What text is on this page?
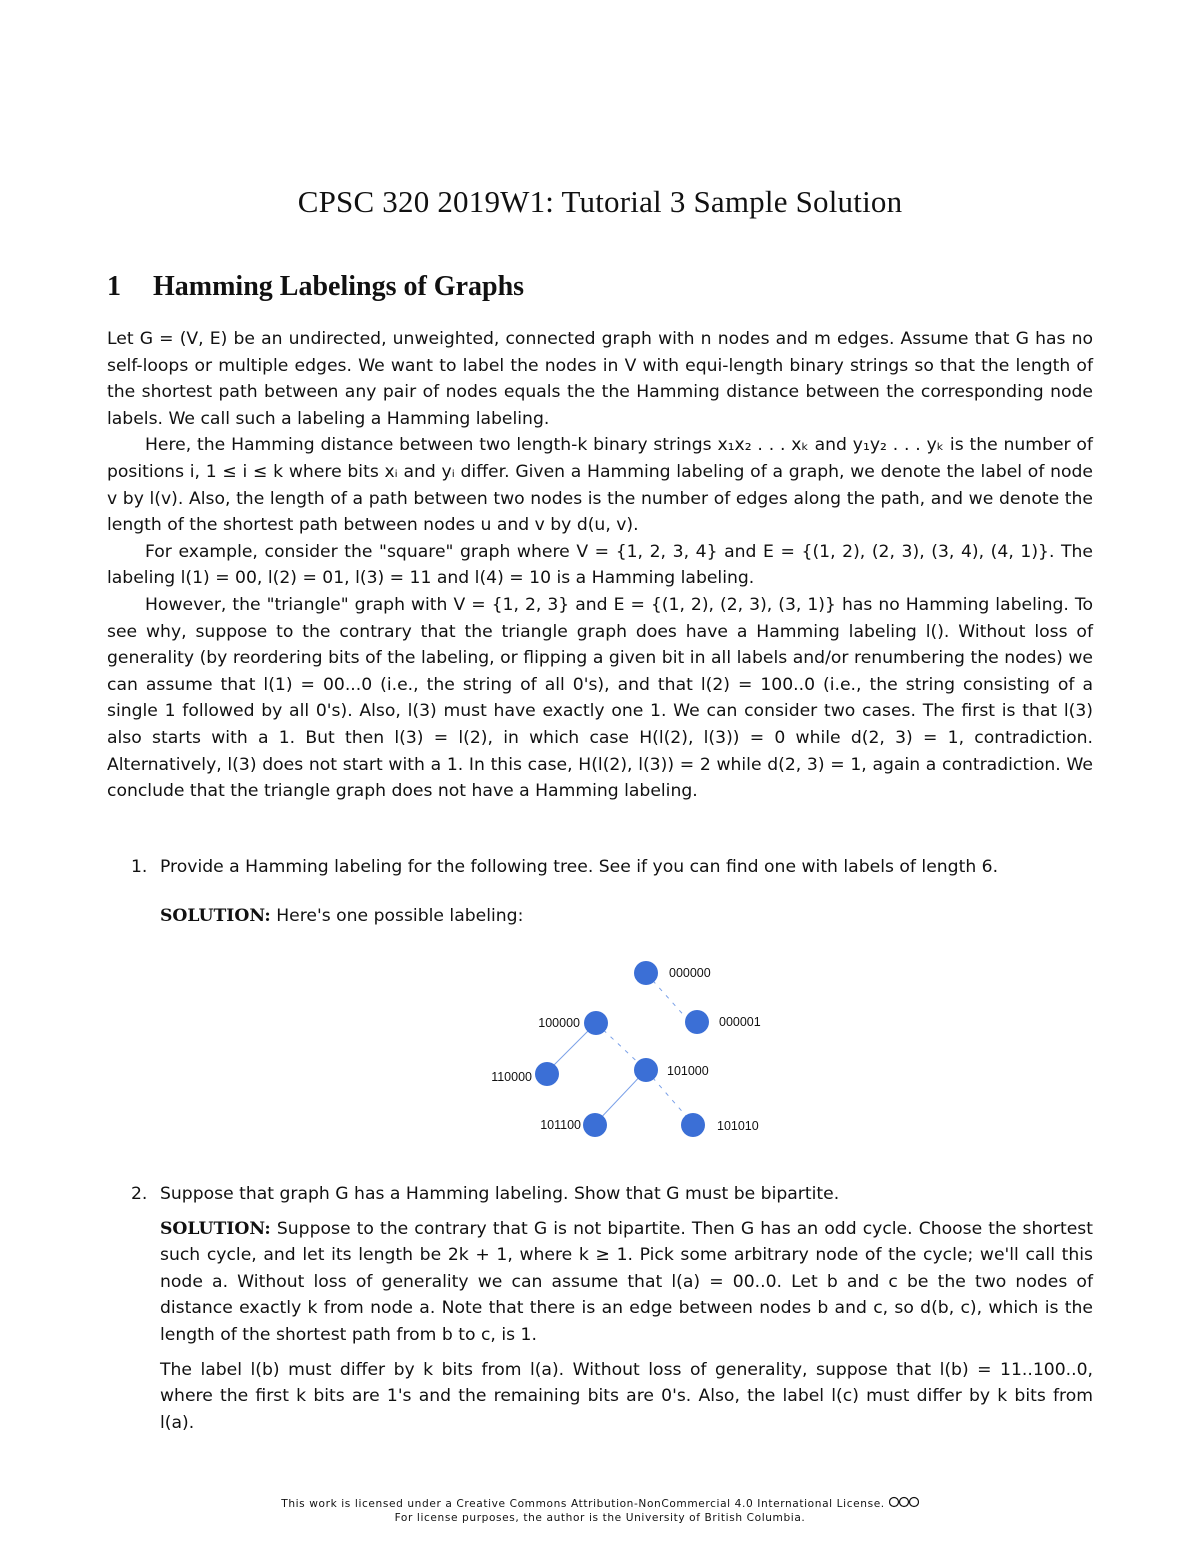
CPSC 320 2019W1: Tutorial 3 Sample Solution
1 Hamming Labelings of Graphs

Let G = (V, E) be an undirected, unweighted, connected graph with n nodes and m edges. Assume that G has no self-loops or multiple edges. We want to label the nodes in V with equi-length binary strings so that the length of the shortest path between any pair of nodes equals the the Hamming distance between the corresponding node labels. We call such a labeling a Hamming labeling.

Here, the Hamming distance between two length-k binary strings x₁x₂ . . . xₖ and y₁y₂ . . . yₖ is the number of positions i, 1 ≤ i ≤ k where bits xᵢ and yᵢ differ. Given a Hamming labeling of a graph, we denote the label of node v by l(v). Also, the length of a path between two nodes is the number of edges along the path, and we denote the length of the shortest path between nodes u and v by d(u, v).

For example, consider the "square" graph where V = {1, 2, 3, 4} and E = {(1, 2), (2, 3), (3, 4), (4, 1)}. The labeling l(1) = 00, l(2) = 01, l(3) = 11 and l(4) = 10 is a Hamming labeling.

However, the "triangle" graph with V = {1, 2, 3} and E = {(1, 2), (2, 3), (3, 1)} has no Hamming labeling. To see why, suppose to the contrary that the triangle graph does have a Hamming labeling l(). Without loss of generality (by reordering bits of the labeling, or flipping a given bit in all labels and/or renumbering the nodes) we can assume that l(1) = 00...0 (i.e., the string of all 0's), and that l(2) = 100..0 (i.e., the string consisting of a single 1 followed by all 0's). Also, l(3) must have exactly one 1. We can consider two cases. The first is that l(3) also starts with a 1. But then l(3) = l(2), in which case H(l(2), l(3)) = 0 while d(2, 3) = 1, contradiction. Alternatively, l(3) does not start with a 1. In this case, H(l(2), l(3)) = 2 while d(2, 3) = 1, again a contradiction. We conclude that the triangle graph does not have a Hamming labeling.

1. Provide a Hamming labeling for the following tree. See if you can find one with labels of length 6.

SOLUTION: Here's one possible labeling:

000000
100000	000001
110000	101000
101100	101010
2. Suppose that graph G has a Hamming labeling. Show that G must be bipartite.

SOLUTION: Suppose to the contrary that G is not bipartite. Then G has an odd cycle. Choose the shortest such cycle, and let its length be 2k + 1, where k ≥ 1. Pick some arbitrary node of the cycle; we'll call this node a. Without loss of generality we can assume that l(a) = 00..0. Let b and c be the two nodes of distance exactly k from node a. Note that there is an edge between nodes b and c, so d(b, c), which is the length of the shortest path from b to c, is 1.

The label l(b) must differ by k bits from l(a). Without loss of generality, suppose that l(b) = 11..100..0, where the first k bits are 1's and the remaining bits are 0's. Also, the label l(c) must differ by k bits from l(a).

This work is licensed under a Creative Commons Attribution-NonCommercial 4.0 International License.
For license purposes, the author is the University of British Columbia.
